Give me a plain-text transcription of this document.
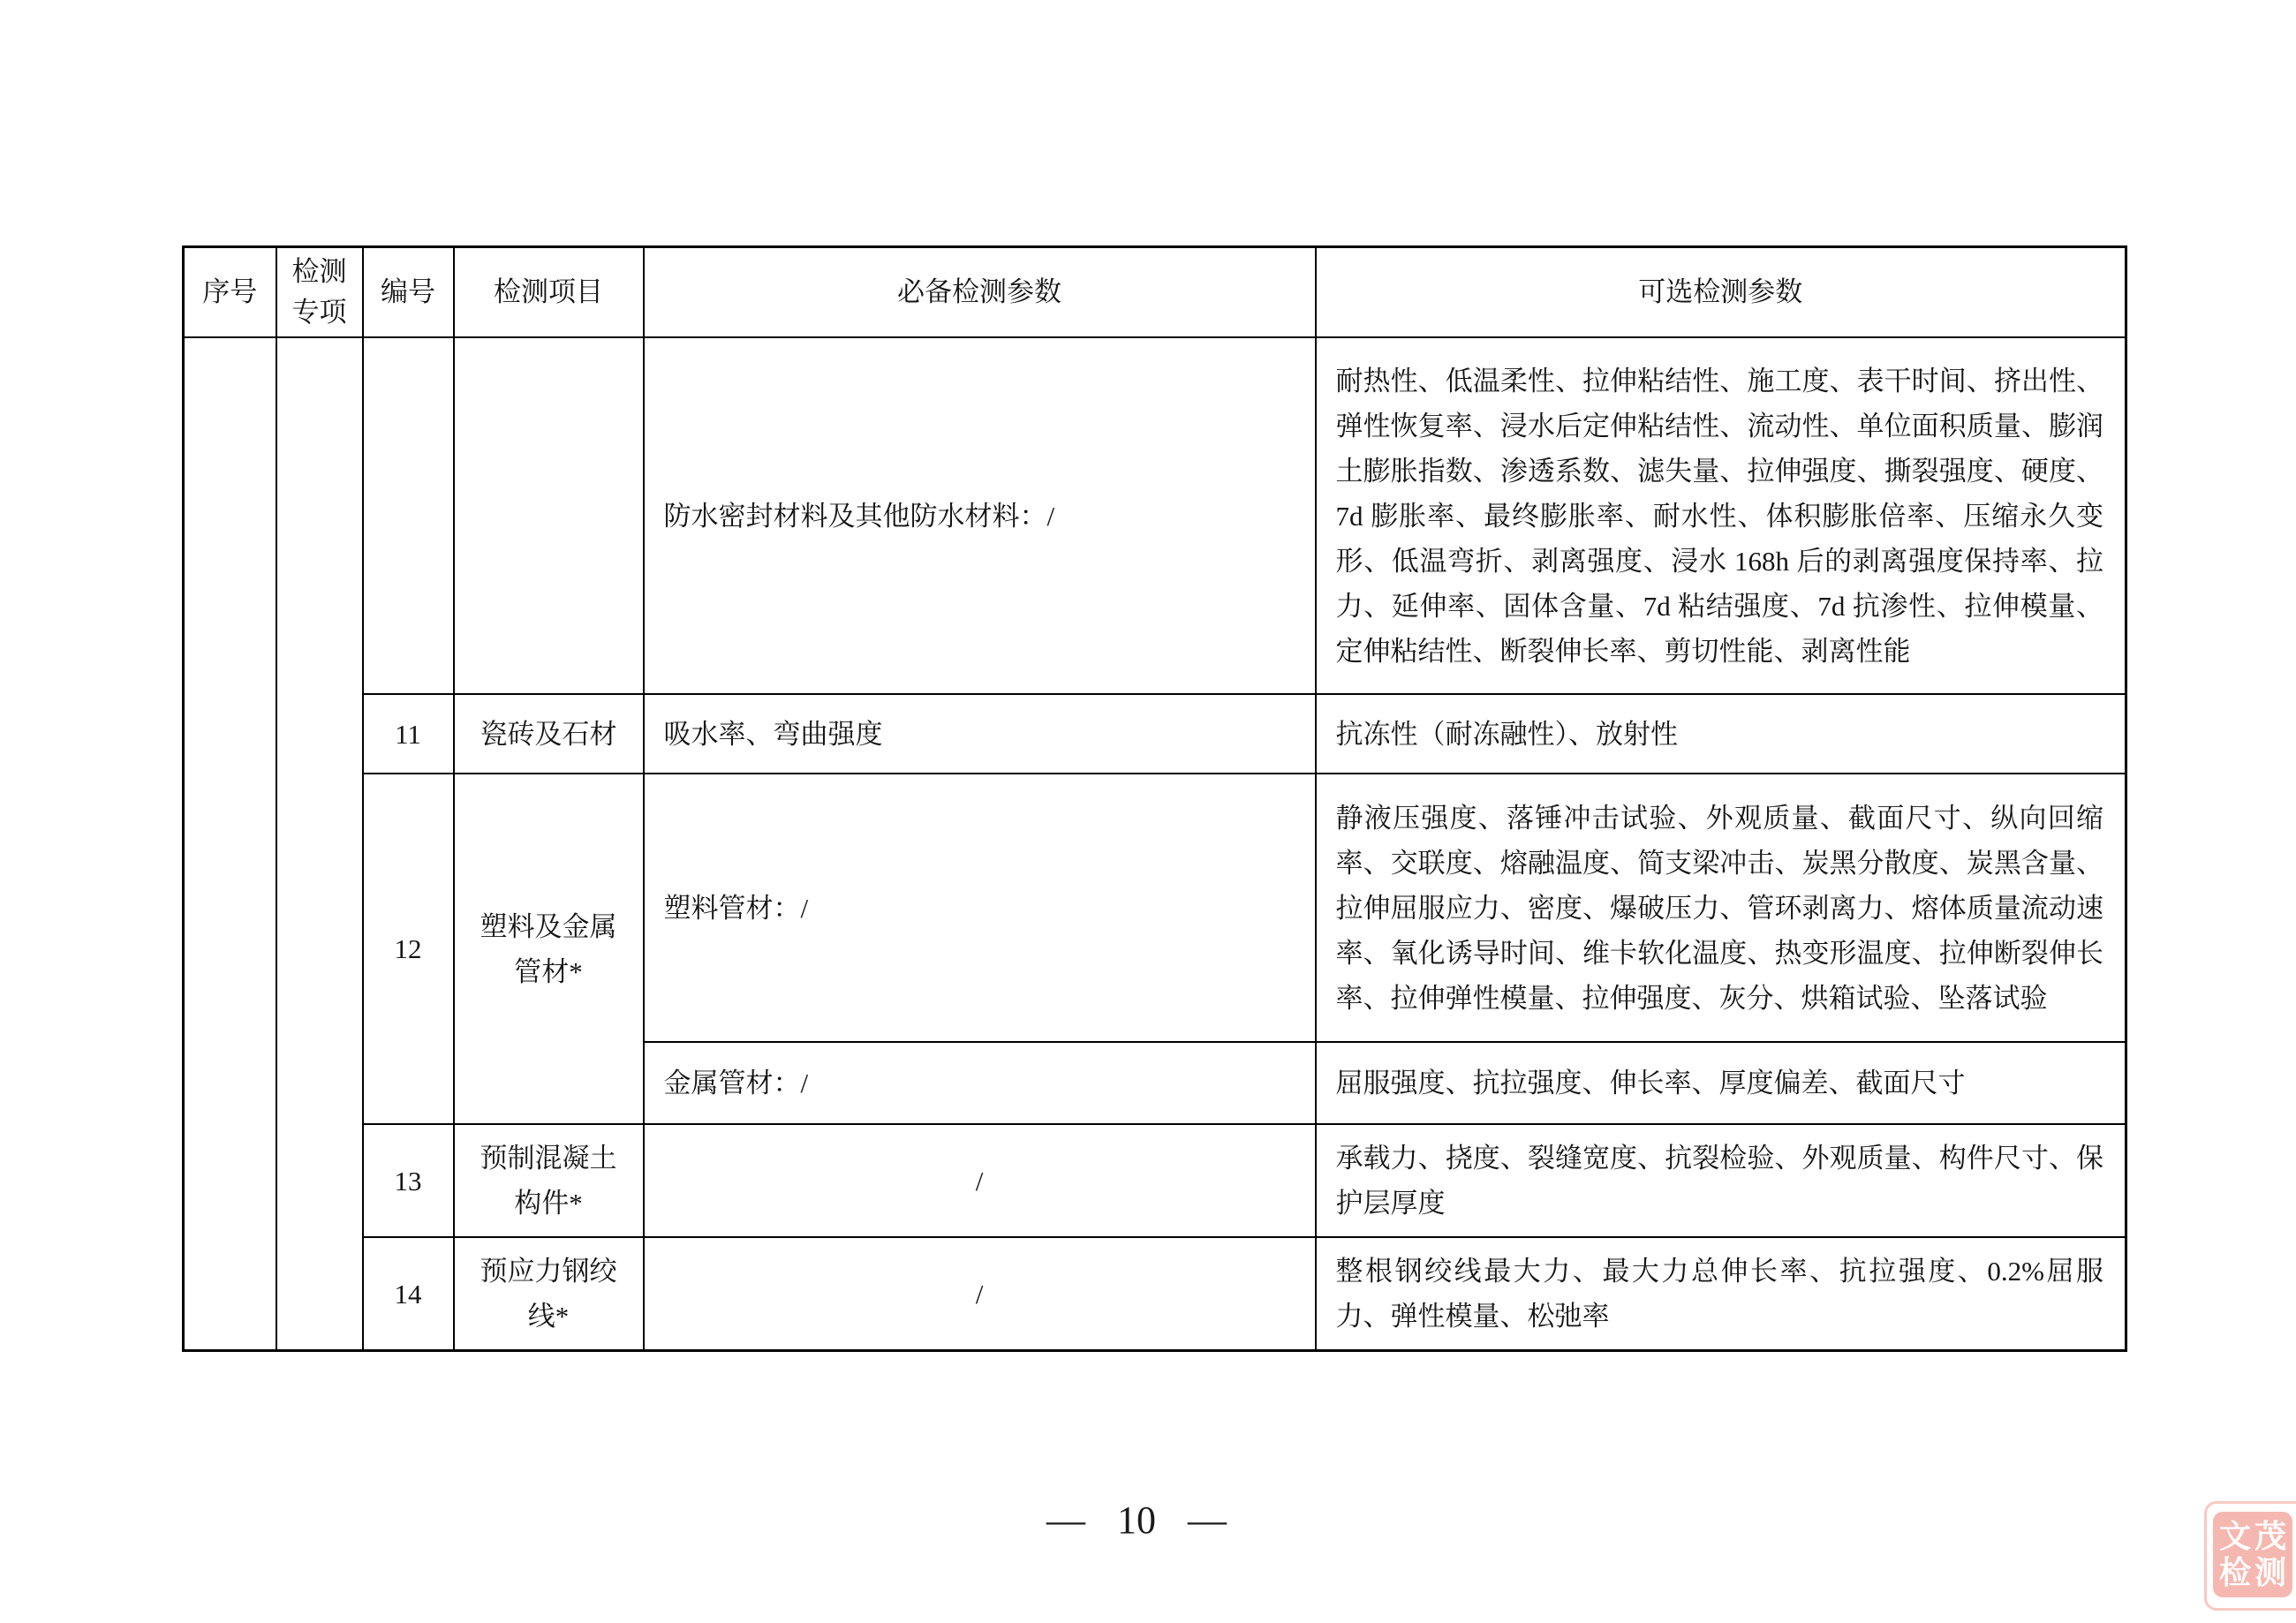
序号	检测专项	编号	检测项目	必备检测参数	可选检测参数
				防水密封材料及其他防水材料：/	耐热性、低温柔性、拉伸粘结性、施工度、表干时间、挤出性、弹性恢复率、浸水后定伸粘结性、流动性、单位面积质量、膨润土膨胀指数、渗透系数、滤失量、拉伸强度、撕裂强度、硬度、7d 膨胀率、最终膨胀率、耐水性、体积膨胀倍率、压缩永久变形、低温弯折、剥离强度、浸水 168h 后的剥离强度保持率、拉力、延伸率、固体含量、7d 粘结强度、7d 抗渗性、拉伸模量、定伸粘结性、断裂伸长率、剪切性能、剥离性能
		11	瓷砖及石材	吸水率、弯曲强度	抗冻性（耐冻融性）、放射性
		12	塑料及金属管材*	塑料管材：/	静液压强度、落锤冲击试验、外观质量、截面尺寸、纵向回缩率、交联度、熔融温度、简支梁冲击、炭黑分散度、炭黑含量、拉伸屈服应力、密度、爆破压力、管环剥离力、熔体质量流动速率、氧化诱导时间、维卡软化温度、热变形温度、拉伸断裂伸长率、拉伸弹性模量、拉伸强度、灰分、烘箱试验、坠落试验
				金属管材：/	屈服强度、抗拉强度、伸长率、厚度偏差、截面尺寸
		13	预制混凝土构件*	/	承载力、挠度、裂缝宽度、抗裂检验、外观质量、构件尺寸、保护层厚度
		14	预应力钢绞线*	/	整根钢绞线最大力、最大力总伸长率、抗拉强度、0.2%屈服力、弹性模量、松弛率
— 10 —	文 茂
检 测
